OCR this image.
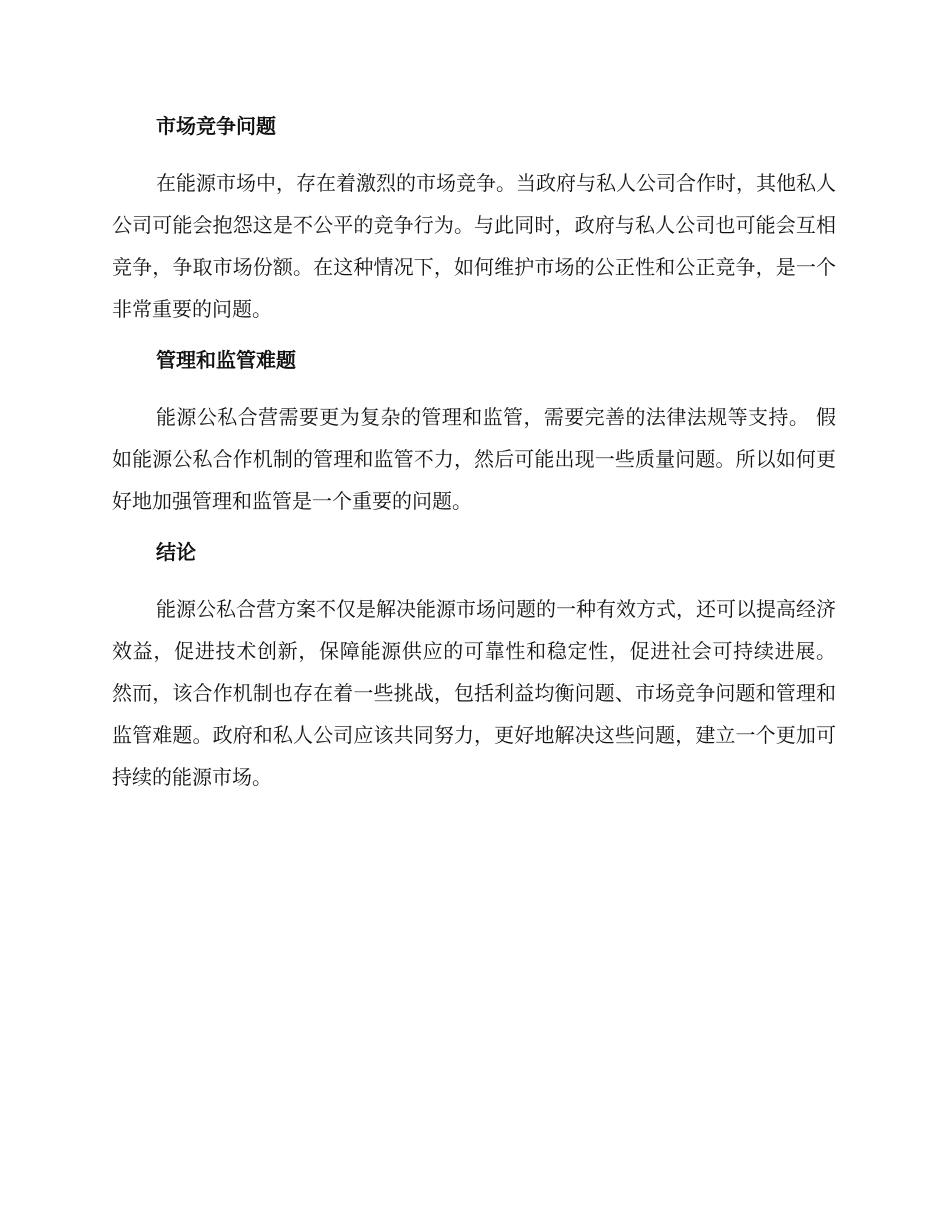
市场竞争问题

在能源市场中，存在着激烈的市场竞争。当政府与私人公司合作时，其他私人公司可能会抱怨这是不公平的竞争行为。与此同时，政府与私人公司也可能会互相竞争，争取市场份额。在这种情况下，如何维护市场的公正性和公正竞争，是一个非常重要的问题。

管理和监管难题

能源公私合营需要更为复杂的管理和监管，需要完善的法律法规等支持。 假如能源公私合作机制的管理和监管不力，然后可能出现一些质量问题。所以如何更好地加强管理和监管是一个重要的问题。

结论

能源公私合营方案不仅是解决能源市场问题的一种有效方式，还可以提高经济效益，促进技术创新，保障能源供应的可靠性和稳定性，促进社会可持续进展。 然而，该合作机制也存在着一些挑战，包括利益均衡问题、市场竞争问题和管理和监管难题。政府和私人公司应该共同努力，更好地解决这些问题，建立一个更加可持续的能源市场。
